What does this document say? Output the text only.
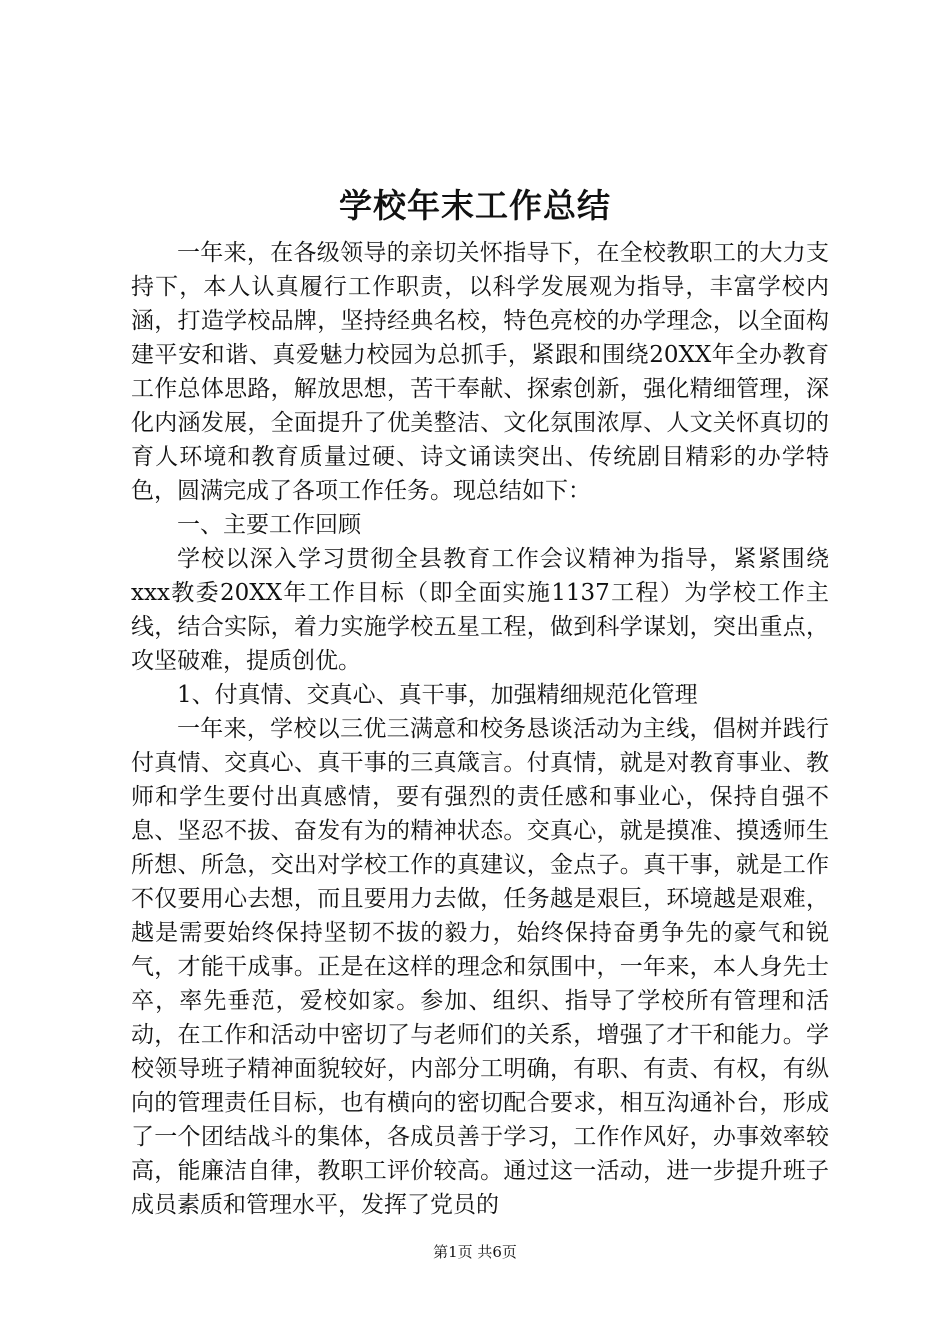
学校年末工作总结

一年来，在各级领导的亲切关怀指导下，在全校教职工的大力支持下，本人认真履行工作职责，以科学发展观为指导，丰富学校内涵，打造学校品牌，坚持经典名校，特色亮校的办学理念，以全面构建平安和谐、真爱魅力校园为总抓手，紧跟和围绕20XX年全办教育工作总体思路，解放思想，苦干奉献、探索创新，强化精细管理，深化内涵发展，全面提升了优美整洁、文化氛围浓厚、人文关怀真切的育人环境和教育质量过硬、诗文诵读突出、传统剧目精彩的办学特色，圆满完成了各项工作任务。现总结如下：

一、主要工作回顾

学校以深入学习贯彻全县教育工作会议精神为指导，紧紧围绕xxx教委20XX年工作目标（即全面实施1137工程）为学校工作主线，结合实际，着力实施学校五星工程，做到科学谋划，突出重点，攻坚破难，提质创优。

1、付真情、交真心、真干事，加强精细规范化管理

一年来，学校以三优三满意和校务恳谈活动为主线，倡树并践行付真情、交真心、真干事的三真箴言。付真情，就是对教育事业、教师和学生要付出真感情，要有强烈的责任感和事业心，保持自强不息、坚忍不拔、奋发有为的精神状态。交真心，就是摸准、摸透师生所想、所急，交出对学校工作的真建议，金点子。真干事，就是工作不仅要用心去想，而且要用力去做，任务越是艰巨，环境越是艰难，越是需要始终保持坚韧不拔的毅力，始终保持奋勇争先的豪气和锐气，才能干成事。正是在这样的理念和氛围中，一年来，本人身先士卒，率先垂范，爱校如家。参加、组织、指导了学校所有管理和活动，在工作和活动中密切了与老师们的关系，增强了才干和能力。学校领导班子精神面貌较好，内部分工明确，有职、有责、有权，有纵向的管理责任目标，也有横向的密切配合要求，相互沟通补台，形成了一个团结战斗的集体，各成员善于学习，工作作风好，办事效率较高，能廉洁自律，教职工评价较高。通过这一活动，进一步提升班子成员素质和管理水平，发挥了党员的

第1页 共6页
